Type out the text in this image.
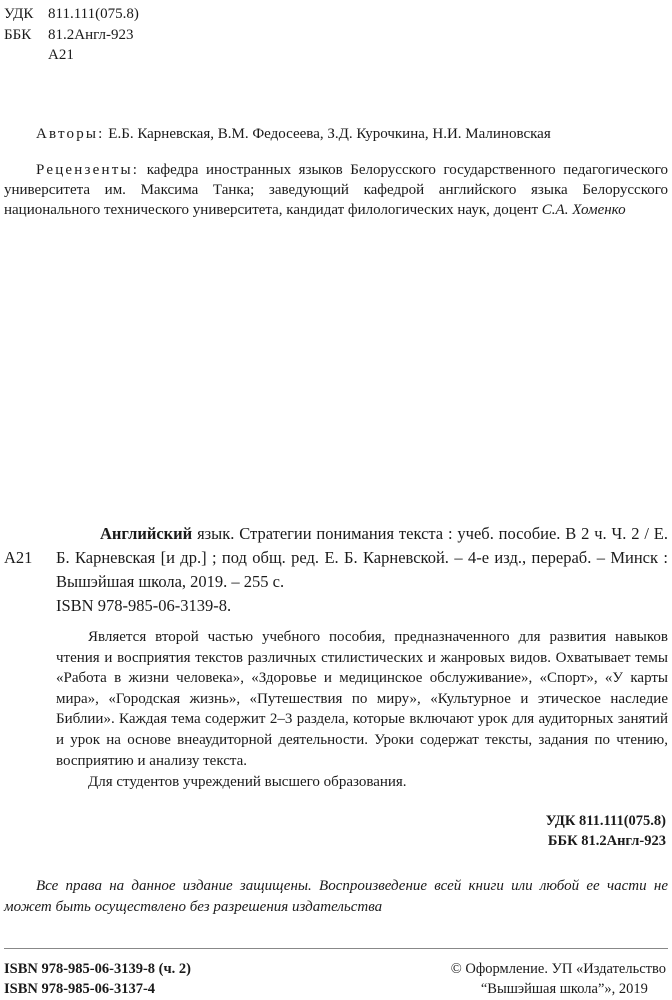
УДК 811.111(075.8)
ББК 81.2Англ-923
А21
Авторы: Е.Б. Карневская, В.М. Федосеева, З.Д. Курочкина, Н.И. Малиновская
Рецензенты: кафедра иностранных языков Белорусского государственного педагогического университета им. Максима Танка; заведующий кафедрой английского языка Белорусского национального технического университета, кандидат филологических наук, доцент С.А. Хоменко
А21
Английский язык. Стратегии понимания текста : учеб. пособие. В 2 ч. Ч. 2 / Е. Б. Карневская [и др.] ; под общ. ред. Е. Б. Карневской. – 4-е изд., перераб. – Минск : Вышэйшая школа, 2019. – 255 с.
ISBN 978-985-06-3139-8.
Является второй частью учебного пособия, предназначенного для развития навыков чтения и восприятия текстов различных стилистических и жанровых видов. Охватывает темы «Работа в жизни человека», «Здоровье и медицинское обслуживание», «Спорт», «У карты мира», «Городская жизнь», «Путешествия по миру», «Культурное и этическое наследие Библии». Каждая тема содержит 2–3 раздела, которые включают урок для аудиторных занятий и урок на основе внеаудиторной деятельности. Уроки содержат тексты, задания по чтению, восприятию и анализу текста.
Для студентов учреждений высшего образования.
УДК 811.111(075.8)
ББК 81.2Англ-923
Все права на данное издание защищены. Воспроизведение всей книги или любой ее части не может быть осуществлено без разрешения издательства
ISBN 978-985-06-3139-8 (ч. 2)
ISBN 978-985-06-3137-4
© Оформление. УП «Издательство
“Вышэйшая школа”», 2019
